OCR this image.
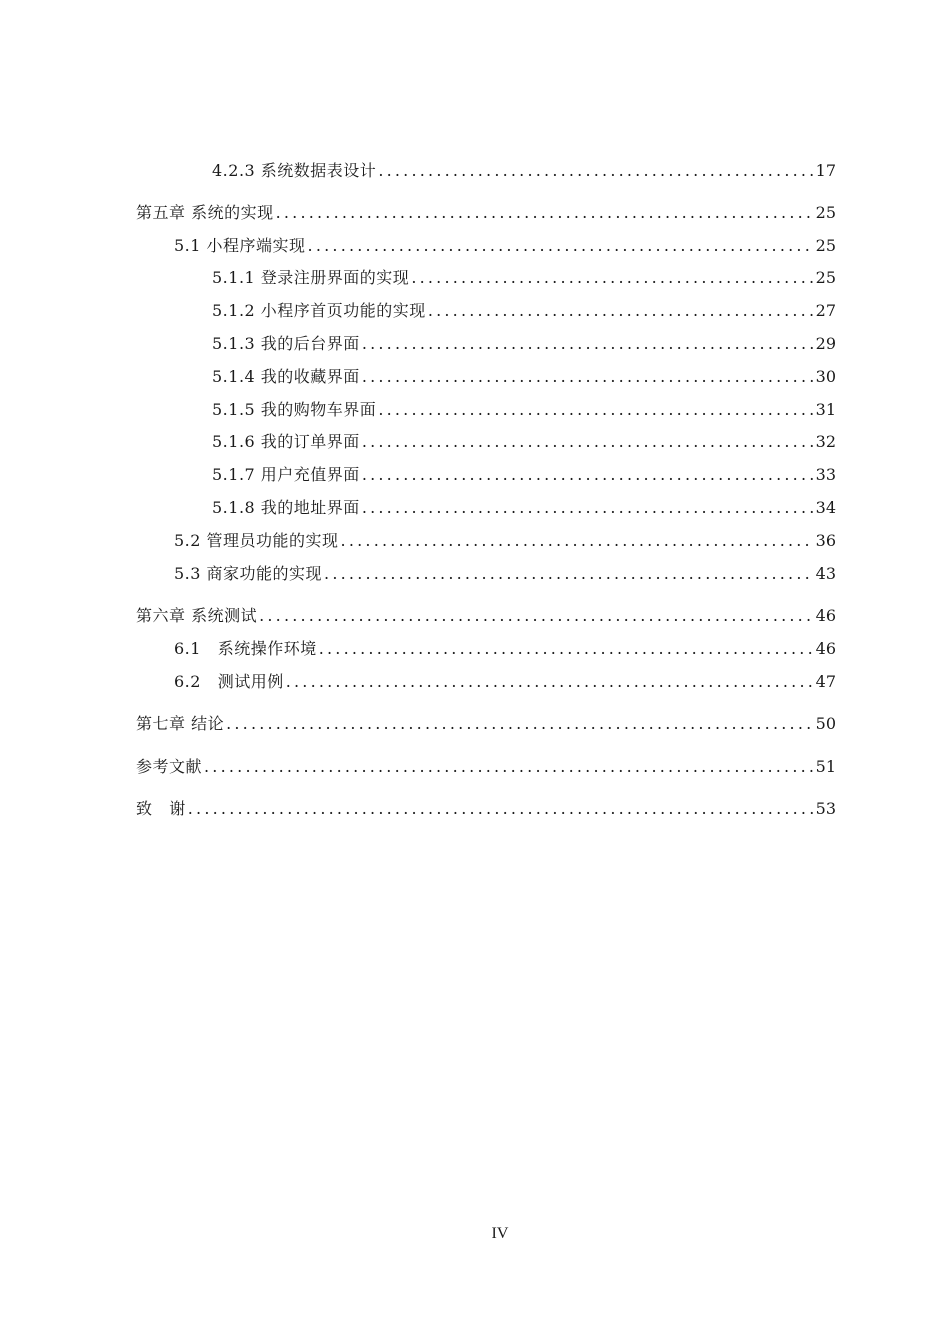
4.2.3 系统数据表设计 .....	17
第五章 系统的实现 .....	25
5.1 小程序端实现 .....	25
5.1.1 登录注册界面的实现 .....	25
5.1.2 小程序首页功能的实现 .....	27
5.1.3 我的后台界面 .....	29
5.1.4 我的收藏界面 .....	30
5.1.5 我的购物车界面 .....	31
5.1.6 我的订单界面 .....	32
5.1.7 用户充值界面 .....	33
5.1.8 我的地址界面 .....	34
5.2 管理员功能的实现 .....	36
5.3 商家功能的实现 .....	43
第六章 系统测试 .....	46
6.1   系统操作环境 .....	46
6.2   测试用例 .....	47
第七章 结论 .....	50
参考文献 .....	51
致   谢 .....	53
IV
